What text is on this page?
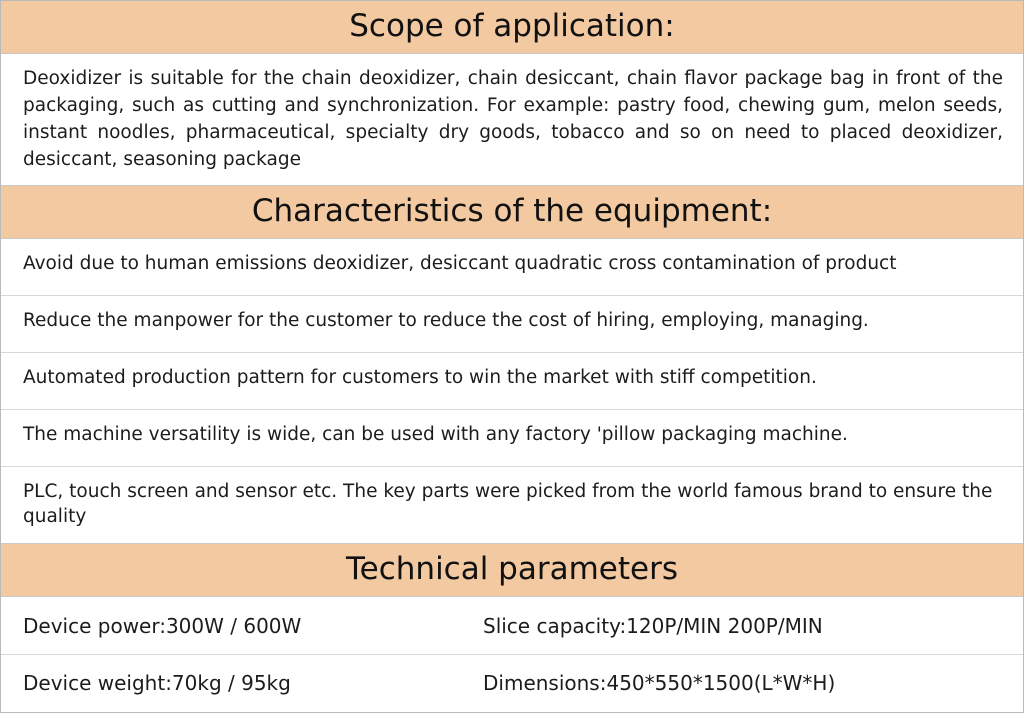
Scope of application:
Deoxidizer is suitable for the chain deoxidizer, chain desiccant, chain flavor package bag in front of the packaging, such as cutting and synchronization. For example: pastry food, chewing gum, melon seeds, instant noodles, pharmaceutical, specialty dry goods, tobacco and so on need to placed deoxidizer, desiccant, seasoning package
Characteristics of the equipment:
Avoid due to human emissions deoxidizer, desiccant quadratic cross contamination of product
Reduce the manpower for the customer to reduce the cost of hiring, employing, managing.
Automated production pattern for customers to win the market with stiff competition.
The machine versatility is wide, can be used with any factory 'pillow packaging machine.
PLC, touch screen and sensor etc. The key parts were picked from the world famous brand to ensure the quality
Technical parameters
Device power:300W / 600W	Slice capacity:120P/MIN 200P/MIN
Device weight:70kg / 95kg	Dimensions:450*550*1500(L*W*H)
